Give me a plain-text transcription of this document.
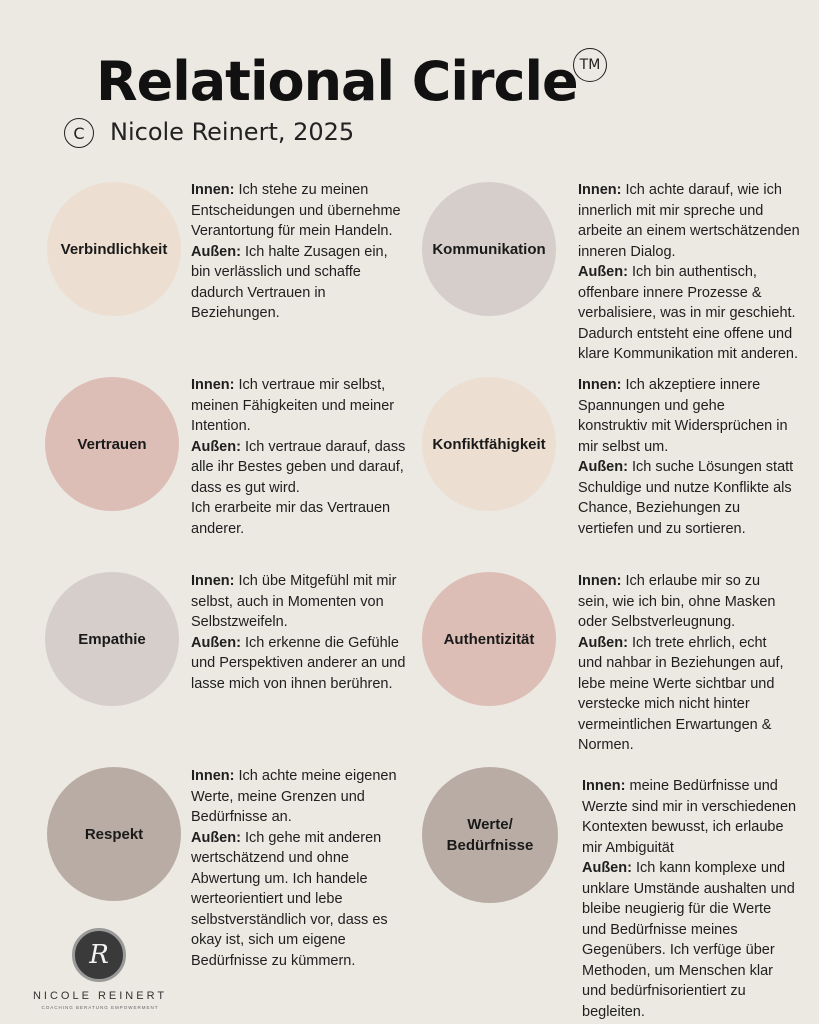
Relational Circle TM
C	Nicole Reinert, 2025
Verbindlichkeit
Innen: Ich stehe zu meinen
Entscheidungen und übernehme
Verantortung für mein Handeln.
Außen: Ich halte Zusagen ein,
bin verlässlich und schaffe
dadurch Vertrauen in
Beziehungen.
Kommunikation
Innen: Ich achte darauf, wie ich
innerlich mit mir spreche und
arbeite an einem wertschätzenden
inneren Dialog.
Außen: Ich bin authentisch,
offenbare innere Prozesse &
verbalisiere, was in mir geschieht.
Dadurch entsteht eine offene und
klare Kommunikation mit anderen.
Vertrauen
Innen: Ich vertraue mir selbst,
meinen Fähigkeiten und meiner
Intention.
Außen: Ich vertraue darauf, dass
alle ihr Bestes geben und darauf,
dass es gut wird.
Ich erarbeite mir das Vertrauen
anderer.
Konfiktfähigkeit
Innen: Ich akzeptiere innere
Spannungen und gehe
konstruktiv mit Widersprüchen in
mir selbst um.
Außen: Ich suche Lösungen statt
Schuldige und nutze Konflikte als
Chance, Beziehungen zu
vertiefen und zu sortieren.
Empathie
Innen: Ich übe Mitgefühl mit mir
selbst, auch in Momenten von
Selbstzweifeln.
Außen: Ich erkenne die Gefühle
und Perspektiven anderer an und
lasse mich von ihnen berühren.
Authentizität
Innen: Ich erlaube mir so zu
sein, wie ich bin, ohne Masken
oder Selbstverleugnung.
Außen: Ich trete ehrlich, echt
und nahbar in Beziehungen auf,
lebe meine Werte sichtbar und
verstecke mich nicht hinter
vermeintlichen Erwartungen &
Normen.
Respekt
Innen: Ich achte meine eigenen
Werte, meine Grenzen und
Bedürfnisse an.
Außen: Ich gehe mit anderen
wertschätzend und ohne
Abwertung um. Ich handele
werteorientiert und lebe
selbstverständlich vor, dass es
okay ist, sich um eigene
Bedürfnisse zu kümmern.
Werte/ Bedürfnisse
Innen: meine Bedürfnisse und
Werzte sind mir in verschiedenen
Kontexten bewusst, ich erlaube
mir Ambiguität
Außen: Ich kann komplexe und
unklare Umstände aushalten und
bleibe neugierig für die Werte
und Bedürfnisse meines
Gegenübers. Ich verfüge über
Methoden, um Menschen klar
und bedürfnisorientiert zu
begleiten.
R
NICOLE REINERT
COACHING BERATUNG EMPOWERMENT
